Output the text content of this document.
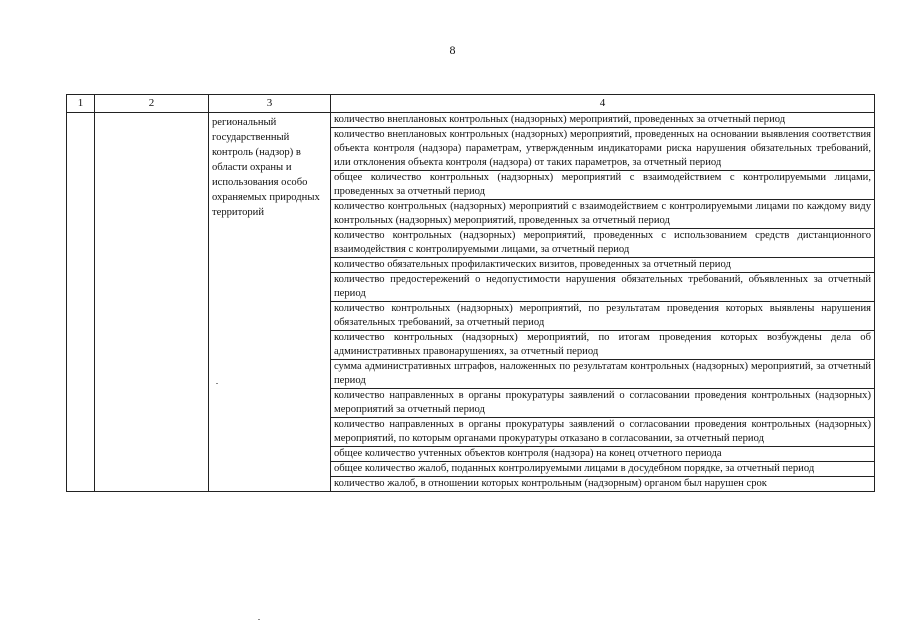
8
1	2	3	4
		региональный государственный контроль (надзор) в области охраны и использования особо охраняемых природных территорий	количество внеплановых контрольных (надзорных) мероприятий, проведенных за отчетный период
			количество внеплановых контрольных (надзорных) мероприятий, проведенных на основании выявления соответствия объекта контроля (надзора) параметрам, утвержденным индикаторами риска нарушения обязательных требований, или отклонения объекта контроля (надзора) от таких параметров, за отчетный период
			общее количество контрольных (надзорных) мероприятий с взаимодействием с контролируемыми лицами, проведенных за отчетный период
			количество контрольных (надзорных) мероприятий с взаимодействием с контролируемыми лицами по каждому виду контрольных (надзорных) мероприятий, проведенных за отчетный период
			количество контрольных (надзорных) мероприятий, проведенных с использованием средств дистанционного взаимодействия с контролируемыми лицами, за отчетный период
			количество обязательных профилактических визитов, проведенных за отчетный период
			количество предостережений о недопустимости нарушения обязательных требований, объявленных за отчетный период
			количество контрольных (надзорных) мероприятий, по результатам проведения которых выявлены нарушения обязательных требований, за отчетный период
			количество контрольных (надзорных) мероприятий, по итогам проведения которых возбуждены дела об административных правонарушениях, за отчетный период
			сумма административных штрафов, наложенных по результатам контрольных (надзорных) мероприятий, за отчетный период
			количество направленных в органы прокуратуры заявлений о согласовании проведения контрольных (надзорных) мероприятий за отчетный период
			количество направленных в органы прокуратуры заявлений о согласовании проведения контрольных (надзорных) мероприятий, по которым органами прокуратуры отказано в согласовании, за отчетный период
			общее количество учтенных объектов контроля (надзора) на конец отчетного периода
			общее количество жалоб, поданных контролируемыми лицами в досудебном порядке, за отчетный период
			количество жалоб, в отношении которых контрольным (надзорным) органом был нарушен срок
